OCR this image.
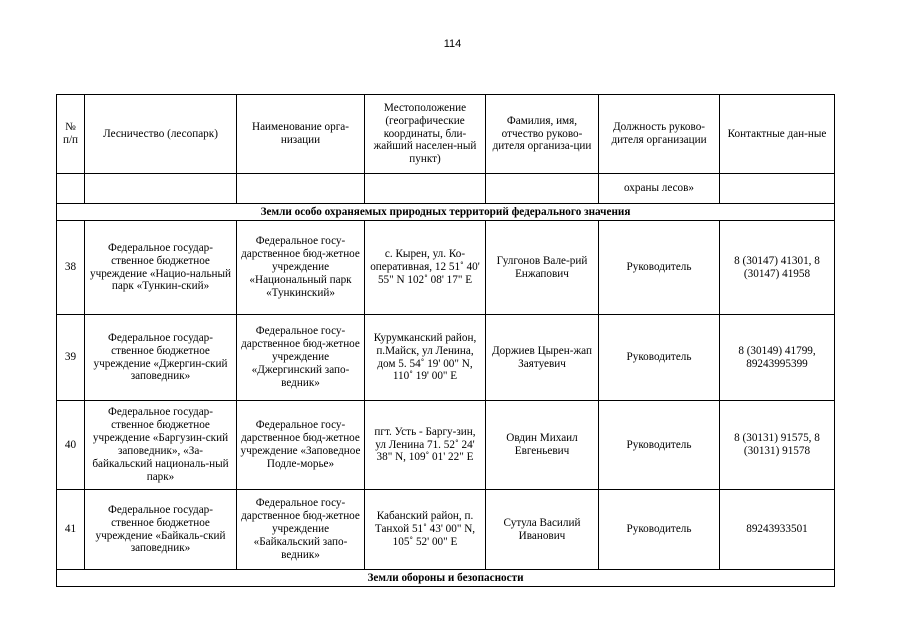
114
№ п/п	Лесничество (лесопарк)	Наименование орга-низации	Местоположение (географические координаты, бли-жайший населен-ный пункт)	Фамилия, имя, отчество руково-дителя организа-ции	Должность руково-дителя организации	Контактные дан-ные
					охраны лесов»	
Земли особо охраняемых природных территорий федерального значения						
38	Федеральное государ-ственное бюджетное учреждение «Нацио-нальный парк «Тункин-ский»	Федеральное госу-дарственное бюд-жетное учреждение «Национальный парк «Тункинский»	с. Кырен, ул. Ко-оперативная, 12 51˚ 40' 55" N 102˚ 08' 17" E	Гулгонов Вале-рий Енжапович	Руководитель	8 (30147) 41301, 8 (30147) 41958
39	Федеральное государ-ственное бюджетное учреждение «Джергин-ский заповедник»	Федеральное госу-дарственное бюд-жетное учреждение «Джергинский запо-ведник»	Курумканский район, п.Майск, ул Ленина, дом 5. 54˚ 19' 00" N, 110˚ 19' 00" E	Доржиев Цырен-жап Заятуевич	Руководитель	8 (30149) 41799, 89243995399
40	Федеральное государ-ственное бюджетное учреждение «Баргузин-ский заповедник», «За-байкальский националь-ный парк»	Федеральное госу-дарственное бюд-жетное учреждение «Заповедное Подле-морье»	пгт. Усть - Баргу-зин, ул Ленина 71. 52˚ 24' 38" N, 109˚ 01' 22" E	Овдин Михаил Евгеньевич	Руководитель	8 (30131) 91575, 8 (30131) 91578
41	Федеральное государ-ственное бюджетное учреждение «Байкаль-ский заповедник»	Федеральное госу-дарственное бюд-жетное учреждение «Байкальский запо-ведник»	Кабанский район, п. Танхой 51˚ 43' 00" N, 105˚ 52' 00" E	Сутула Василий Иванович	Руководитель	89243933501
Земли обороны и безопасности						
